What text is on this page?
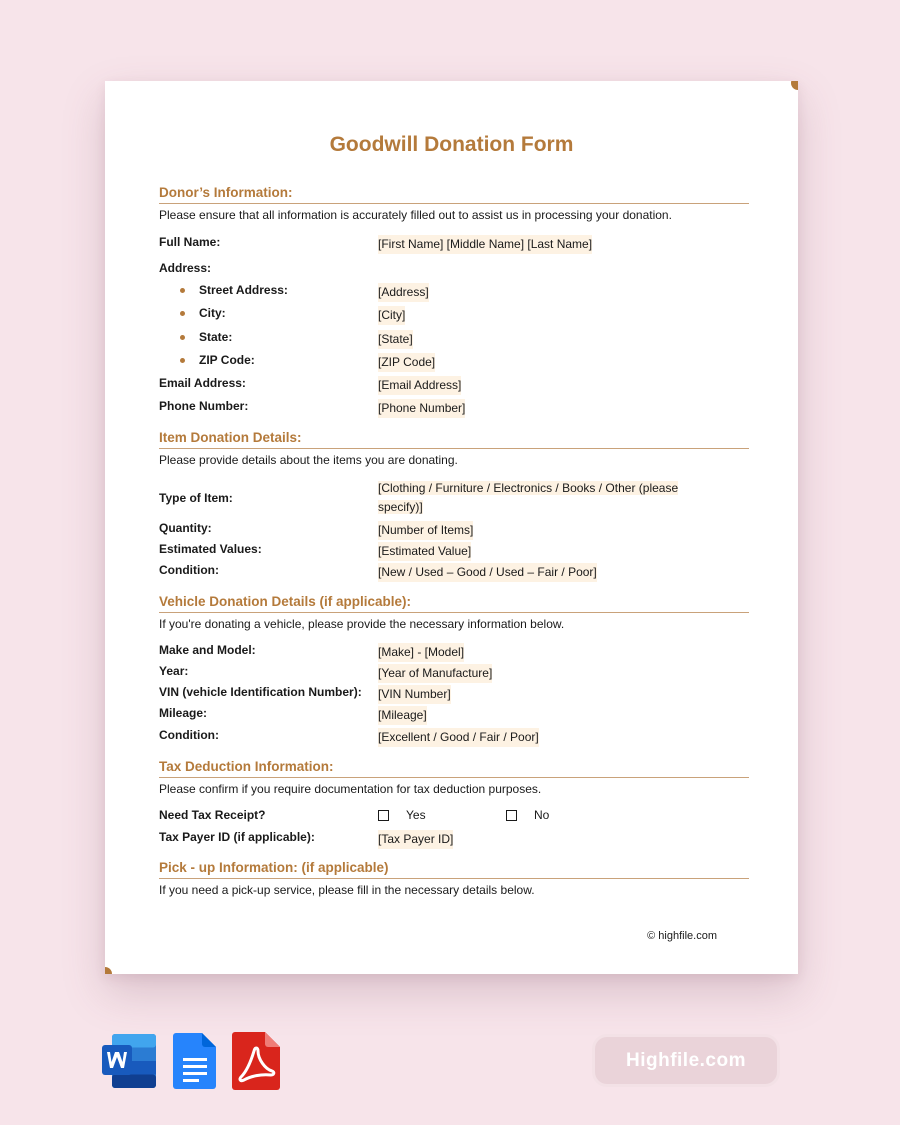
Goodwill Donation Form
Donor’s Information:
Please ensure that all information is accurately filled out to assist us in processing your donation.
Full Name:	[First Name] [Middle Name] [Last Name]
Address:
Street Address:	[Address]
City:	[City]
State:	[State]
ZIP Code:	[ZIP Code]
Email Address:	[Email Address]
Phone Number:	[Phone Number]
Item Donation Details:
Please provide details about the items you are donating.
Type of Item:
[Clothing / Furniture / Electronics / Books / Other (please specify)]
Quantity:	[Number of Items]
Estimated Values:	[Estimated Value]
Condition:	[New / Used – Good / Used – Fair / Poor]
Vehicle Donation Details (if applicable):
If you're donating a vehicle, please provide the necessary information below.
Make and Model:	[Make] - [Model]
Year:	[Year of Manufacture]
VIN (vehicle Identification Number):	[VIN Number]
Mileage:	[Mileage]
Condition:	[Excellent / Good / Fair / Poor]
Tax Deduction Information:
Please confirm if you require documentation for tax deduction purposes.
Need Tax Receipt?	Yes	No
Tax Payer ID (if applicable):	[Tax Payer ID]
Pick - up Information: (if applicable)
If you need a pick-up service, please fill in the necessary details below.
© highfile.com
Highfile.com
